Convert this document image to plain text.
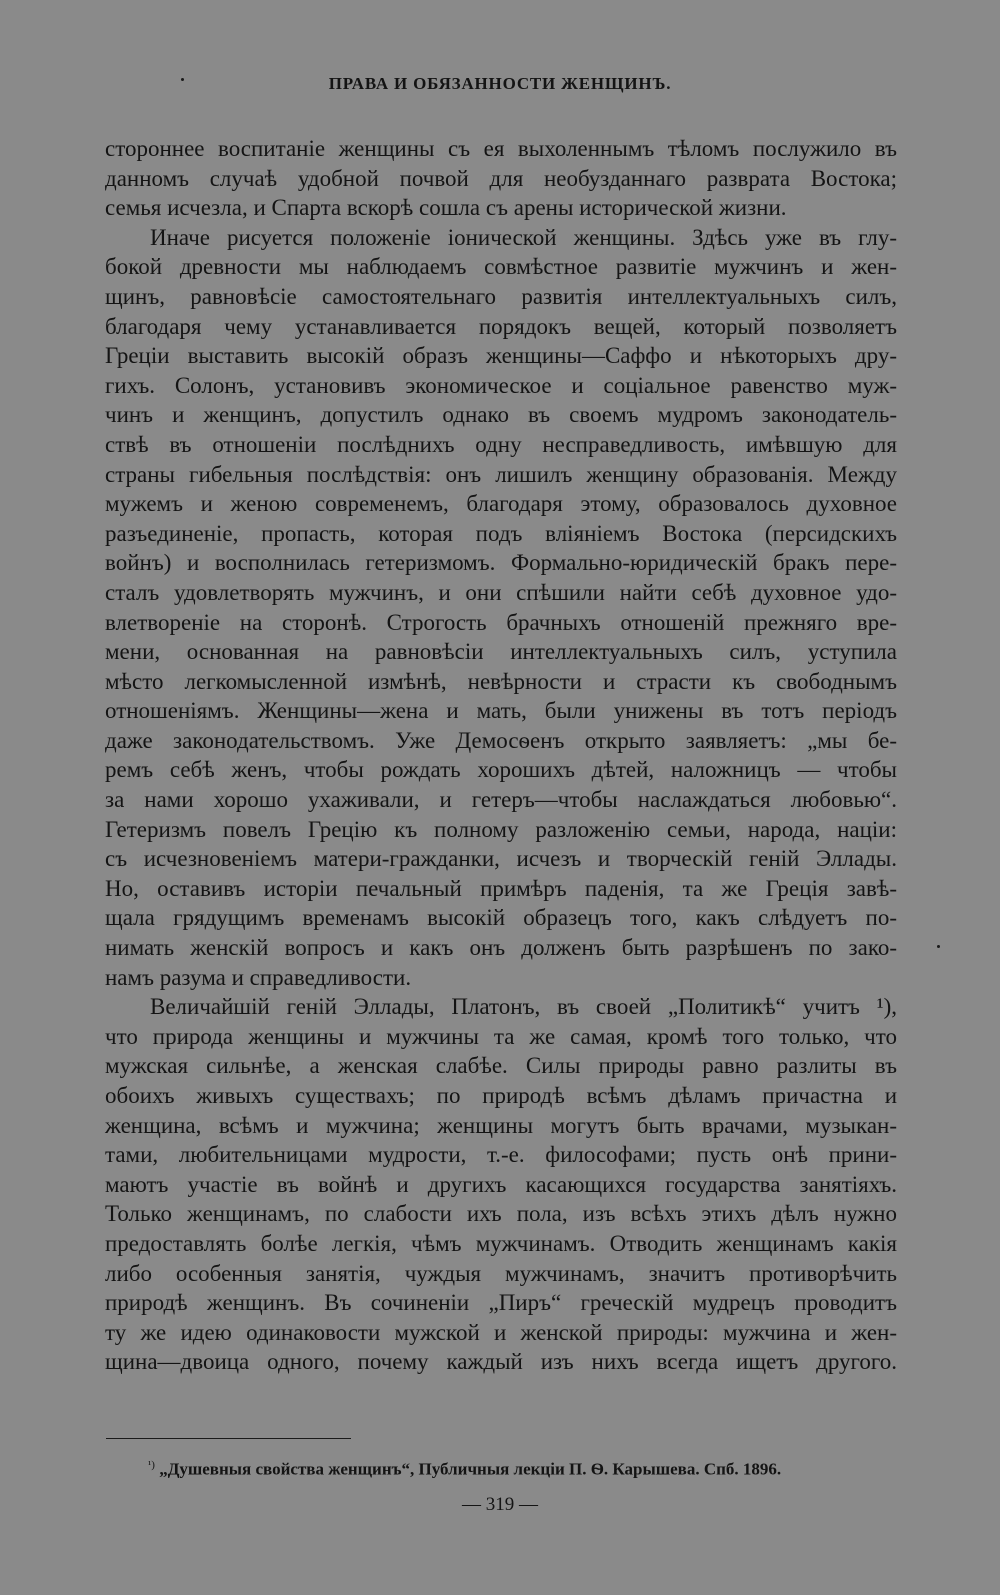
ПРАВА И ОБЯЗАННОСТИ ЖЕНЩИНЪ.
стороннее воспитаніе женщины съ ея выхоленнымъ тѣломъ послужило въ
данномъ случаѣ удобной почвой для необузданнаго разврата Востока;
семья исчезла, и Спарта вскорѣ сошла съ арены исторической жизни.
Иначе рисуется положеніе іонической женщины. Здѣсь уже въ глу-
бокой древности мы наблюдаемъ совмѣстное развитіе мужчинъ и жен-
щинъ, равновѣсіе самостоятельнаго развитія интеллектуальныхъ силъ,
благодаря чему устанавливается порядокъ вещей, который позволяетъ
Греціи выставить высокій образъ женщины—Саффо и нѣкоторыхъ дру-
гихъ. Солонъ, установивъ экономическое и соціальное равенство муж-
чинъ и женщинъ, допустилъ однако въ своемъ мудромъ законодатель-
ствѣ въ отношеніи послѣднихъ одну несправедливость, имѣвшую для
страны гибельныя послѣдствія: онъ лишилъ женщину образованія. Между
мужемъ и женою современемъ, благодаря этому, образовалось духовное
разъединеніе, пропасть, которая подъ вліяніемъ Востока (персидскихъ
войнъ) и восполнилась гетеризмомъ. Формально-юридическій бракъ пере-
сталъ удовлетворять мужчинъ, и они спѣшили найти себѣ духовное удо-
влетвореніе на сторонѣ. Строгость брачныхъ отношеній прежняго вре-
мени, основанная на равновѣсіи интеллектуальныхъ силъ, уступила
мѣсто легкомысленной измѣнѣ, невѣрности и страсти къ свободнымъ
отношеніямъ. Женщины—жена и мать, были унижены въ тотъ періодъ
даже законодательствомъ. Уже Демосѳенъ открыто заявляетъ: „мы бе-
ремъ себѣ женъ, чтобы рождать хорошихъ дѣтей, наложницъ — чтобы
за нами хорошо ухаживали, и гетеръ—чтобы наслаждаться любовью“.
Гетеризмъ повелъ Грецію къ полному разложенію семьи, народа, націи:
съ исчезновеніемъ матери-гражданки, исчезъ и творческій геній Эллады.
Но, оставивъ исторіи печальный примѣръ паденія, та же Греція завѣ-
щала грядущимъ временамъ высокій образецъ того, какъ слѣдуетъ по-
нимать женскій вопросъ и какъ онъ долженъ быть разрѣшенъ по зако-
намъ разума и справедливости.
Величайшій геній Эллады, Платонъ, въ своей „Политикѣ“ учитъ ¹),
что природа женщины и мужчины та же самая, кромѣ того только, что
мужская сильнѣе, а женская слабѣе. Силы природы равно разлиты въ
обоихъ живыхъ существахъ; по природѣ всѣмъ дѣламъ причастна и
женщина, всѣмъ и мужчина; женщины могутъ быть врачами, музыкан-
тами, любительницами мудрости, т.-е. философами; пусть онѣ прини-
маютъ участіе въ войнѣ и другихъ касающихся государства занятіяхъ.
Только женщинамъ, по слабости ихъ пола, изъ всѣхъ этихъ дѣлъ нужно
предоставлять болѣе легкія, чѣмъ мужчинамъ. Отводить женщинамъ какія
либо особенныя занятія, чуждыя мужчинамъ, значитъ противорѣчить
природѣ женщинъ. Въ сочиненіи „Пиръ“ греческій мудрецъ проводитъ
ту же идею одинаковости мужской и женской природы: мужчина и жен-
щина—двоица одного, почему каждый изъ нихъ всегда ищетъ другого.
$^{^1)}$ „Душевныя свойства женщинъ“, Публичныя лекціи П. Ѳ. Карышева. Спб. 1896.
— 319 —
